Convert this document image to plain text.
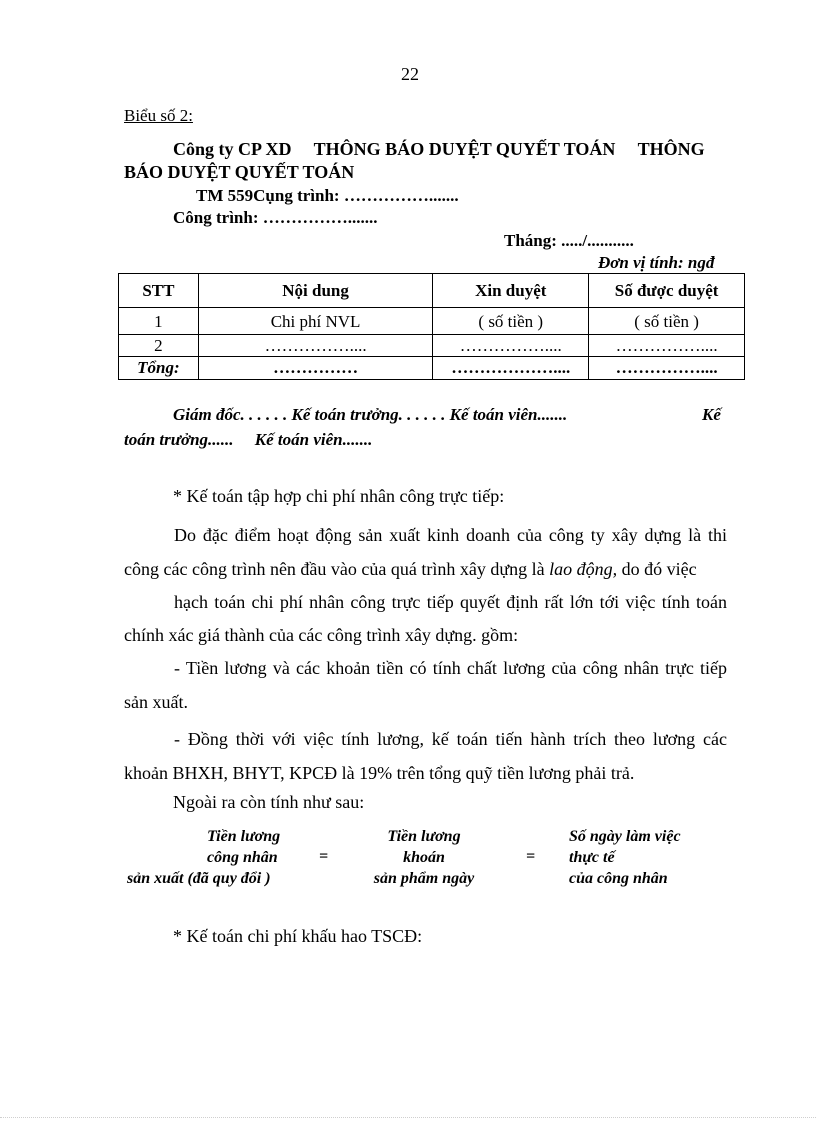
22
Biểu số 2:
Công ty CP XD     THÔNG BÁO DUYỆT QUYẾT TOÁN     THÔNG
BÁO DUYỆT QUYẾT TOÁN
TM 559Cụng trình: …………….......
Công trình: …………….......
Tháng: ...../...........
Đơn vị tính: ngđ
STT	Nội dung	Xin duyệt	Số được duyệt
1	Chi phí NVL	( số tiền )	( số tiền )
2	……………....	……………....	……………....
Tổng:	……………	………………....	……………....
Giám đốc. . . . . . Kế toán trưởng. . . . . . Kế toán viên.......	Kế
toán trưởng......     Kế toán viên.......
* Kế toán tập hợp chi phí nhân công trực tiếp:
Do đặc điểm hoạt động sản xuất kinh doanh của công ty xây dựng là thi công các công trình nên đầu vào của quá trình xây dựng là lao động, do đó việc
hạch toán chi phí nhân công trực tiếp quyết định rất lớn tới việc tính toán chính xác giá thành của các công trình xây dựng. gồm:
- Tiền lương và các khoản tiền có tính chất lương của công nhân trực tiếp sản xuất.
- Đồng thời với việc tính lương, kế toán tiến hành trích theo lương các khoản BHXH, BHYT, KPCĐ là 19% trên tổng quỹ tiền lương phải trả.
Ngoài ra còn tính như sau:
Tiền lương
công nhân
sản xuất (đã quy đổi )
=
Tiền lương
khoán
sản phẩm ngày
=
Số ngày làm việc
thực tế
của công nhân
* Kế toán chi phí khấu hao TSCĐ:
